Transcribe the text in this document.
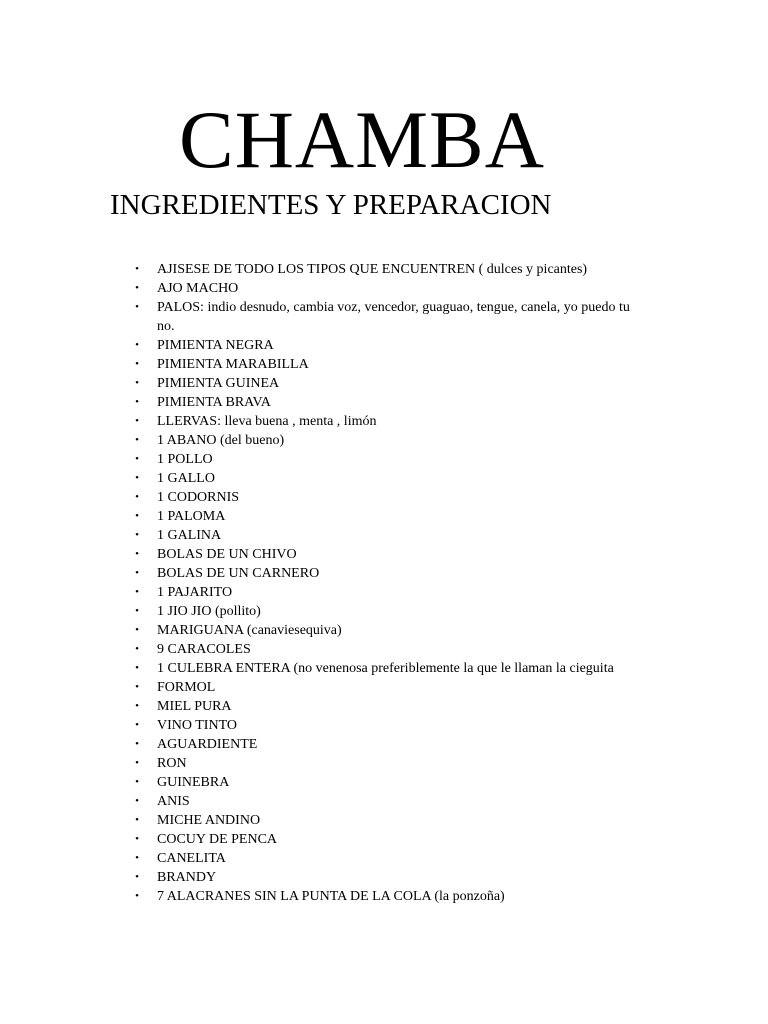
CHAMBA
INGREDIENTES Y PREPARACION
• AJISESE DE TODO LOS TIPOS QUE ENCUENTREN ( dulces y picantes)
• AJO MACHO
• PALOS: indio desnudo, cambia voz, vencedor, guaguao, tengue, canela, yo puedo tu no.
• PIMIENTA NEGRA
• PIMIENTA MARABILLA
• PIMIENTA GUINEA
• PIMIENTA BRAVA
• LLERVAS: lleva buena , menta , limón
• 1 ABANO (del bueno)
• 1 POLLO
• 1 GALLO
• 1 CODORNIS
• 1 PALOMA
• 1 GALINA
• BOLAS DE UN CHIVO
• BOLAS DE UN CARNERO
• 1 PAJARITO
• 1 JIO JIO (pollito)
• MARIGUANA (canaviesequiva)
• 9 CARACOLES
• 1 CULEBRA ENTERA (no venenosa preferiblemente la que le llaman la cieguita
• FORMOL
• MIEL PURA
• VINO TINTO
• AGUARDIENTE
• RON
• GUINEBRA
• ANIS
• MICHE ANDINO
• COCUY DE PENCA
• CANELITA
• BRANDY
• 7 ALACRANES SIN LA PUNTA DE LA COLA (la ponzoña)
